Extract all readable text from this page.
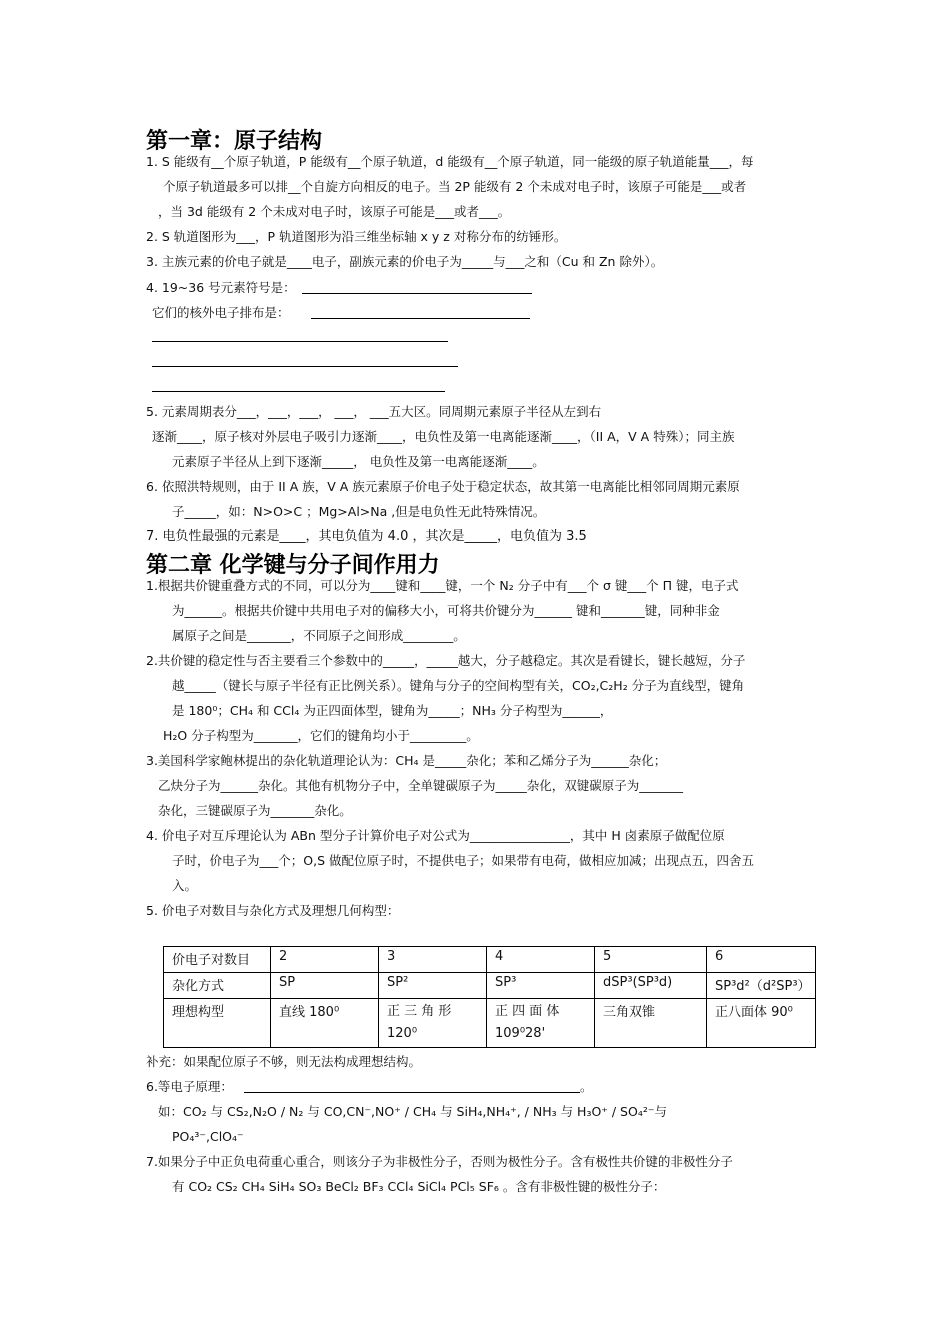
第一章：原子结构
1. S 能级有__个原子轨道，P 能级有__个原子轨道，d 能级有__个原子轨道，同一能级的原子轨道能量___，每
个原子轨道最多可以排__个自旋方向相反的电子。当 2P 能级有 2 个未成对电子时，该原子可能是___或者
，当 3d 能级有 2 个未成对电子时，该原子可能是___或者___。
2. S 轨道图形为___，P 轨道图形为沿三维坐标轴 x y z 对称分布的纺锤形。
3. 主族元素的价电子就是____电子，副族元素的价电子为_____与___之和（Cu 和 Zn 除外）。
4. 19~36 号元素符号是：
它们的核外电子排布是：
5. 元素周期表分___，___，___， ___， ___五大区。同周期元素原子半径从左到右
逐渐____，原子核对外层电子吸引力逐渐____，电负性及第一电离能逐渐____，（II A，V A 特殊）；同主族
元素原子半径从上到下逐渐_____， 电负性及第一电离能逐渐____。
6. 依照洪特规则，由于 II A 族，V A 族元素原子价电子处于稳定状态，故其第一电离能比相邻同周期元素原
子_____，如：N>O>C ；Mg>Al>Na ,但是电负性无此特殊情况。
7. 电负性最强的元素是____，其电负值为 4.0 ，其次是_____，电负值为 3.5
第二章 化学键与分子间作用力
1.根据共价键重叠方式的不同，可以分为____键和____键，一个 N₂ 分子中有___个 σ 键___个 Π 键，电子式
为______。根据共价键中共用电子对的偏移大小，可将共价键分为______ 键和_______键，同种非金
属原子之间是_______，不同原子之间形成________。
2.共价键的稳定性与否主要看三个参数中的_____，_____越大，分子越稳定。其次是看键长，键长越短，分子
越_____（键长与原子半径有正比例关系）。键角与分子的空间构型有关，CO₂,C₂H₂ 分子为直线型，键角
是 180⁰；CH₄ 和 CCl₄ 为正四面体型，键角为_____；NH₃ 分子构型为______，
H₂O 分子构型为_______，它们的键角均小于_________。
3.美国科学家鲍林提出的杂化轨道理论认为：CH₄ 是_____杂化；苯和乙烯分子为______杂化；
乙炔分子为______杂化。其他有机物分子中，全单键碳原子为_____杂化，双键碳原子为_______
杂化，三键碳原子为_______杂化。
4. 价电子对互斥理论认为 ABn 型分子计算价电子对公式为________________，其中 H 卤素原子做配位原
子时，价电子为___个；O,S 做配位原子时，不提供电子；如果带有电荷，做相应加减；出现点五，四舍五
入。
5. 价电子对数目与杂化方式及理想几何构型：
价电子对数目	2	3	4	5	6
杂化方式	SP	SP²	SP³	dSP³(SP³d)	SP³d²（d²SP³）
理想构型	直线 180⁰	正 三 角 形 120⁰	正 四 面 体 109⁰28'	三角双锥	正八面体 90⁰
补充：如果配位原子不够，则无法构成理想结构。
6.等电子原理：	。
如：CO₂ 与 CS₂,N₂O / N₂ 与 CO,CN⁻,NO⁺ / CH₄ 与 SiH₄,NH₄⁺, / NH₃ 与 H₃O⁺ / SO₄²⁻与
PO₄³⁻,ClO₄⁻
7.如果分子中正负电荷重心重合，则该分子为非极性分子，否则为极性分子。含有极性共价键的非极性分子
有 CO₂ CS₂ CH₄ SiH₄ SO₃ BeCl₂ BF₃ CCl₄ SiCl₄ PCl₅ SF₆ 。含有非极性键的极性分子：
